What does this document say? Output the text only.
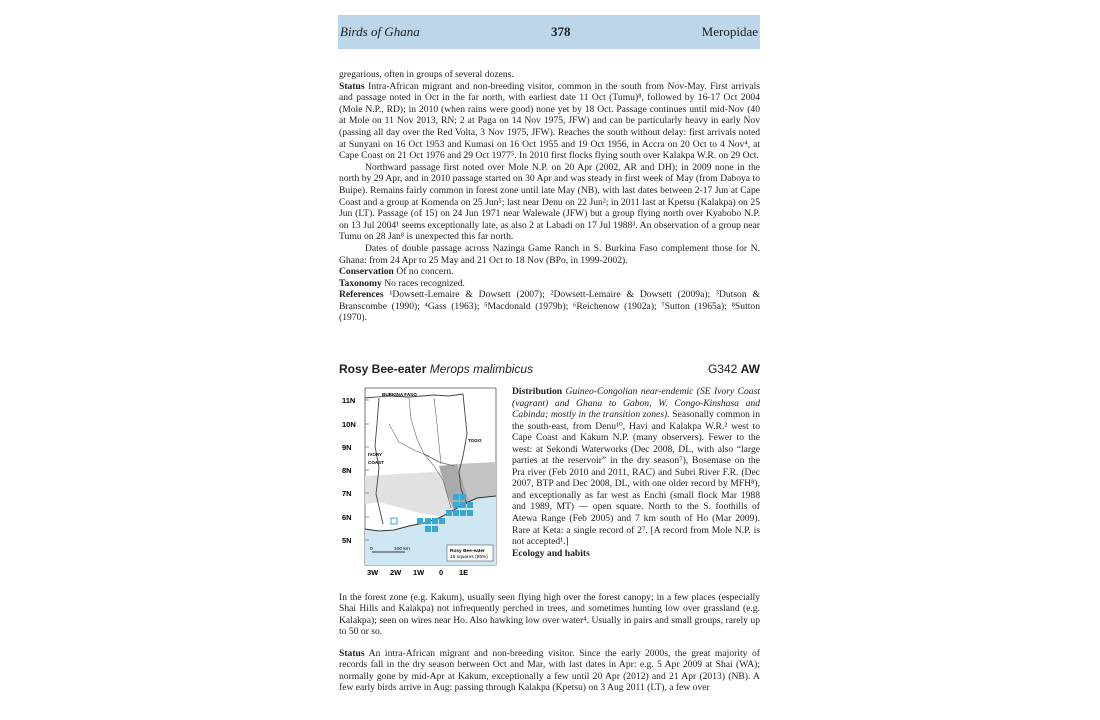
Birds of Ghana	378	Meropidae

gregarious, often in groups of several dozens.

Status Intra-African migrant and non-breeding visitor, common in the south from Nov-May. First arrivals and passage noted in Oct in the far north, with earliest date 11 Oct (Tumu)⁸, followed by 16-17 Oct 2004 (Mole N.P., RD); in 2010 (when rains were good) none yet by 18 Oct. Passage continues until mid-Nov (40 at Mole on 11 Nov 2013, RN; 2 at Paga on 14 Nov 1975, JFW) and can be particularly heavy in early Nov (passing all day over the Red Volta, 3 Nov 1975, JFW). Reaches the south without delay: first arrivals noted at Sunyani on 16 Oct 1953 and Kumasi on 16 Oct 1955 and 19 Oct 1956, in Accra on 20 Oct to 4 Nov⁴, at Cape Coast on 21 Oct 1976 and 29 Oct 1977⁵. In 2010 first flocks flying south over Kalakpa W.R. on 29 Oct.

Northward passage first noted over Mole N.P. on 20 Apr (2002, AR and DH); in 2009 none in the north by 29 Apr, and in 2010 passage started on 30 Apr and was steady in first week of May (from Daboya to Buipe). Remains fairly common in forest zone until late May (NB), with last dates between 2-17 Jun at Cape Coast and a group at Komenda on 25 Jun⁵; last near Denu on 22 Jun²; in 2011 last at Kpetsu (Kalakpa) on 25 Jun (LT). Passage (of 15) on 24 Jun 1971 near Walewale (JFW) but a group flying north over Kyabobo N.P. on 13 Jul 2004¹ seems exceptionally late, as also 2 at Labadi on 17 Jul 1988³. An observation of a group near Tumu on 28 Jan⁸ is unexpected this far north.

Dates of double passage across Nazinga Game Ranch in S. Burkina Faso complement those for N. Ghana: from 24 Apr to 25 May and 21 Oct to 18 Nov (BPo, in 1999-2002).

Conservation Of no concern.

Taxonomy No races recognized.

References ¹Dowsett-Lemaire & Dowsett (2007); ²Dowsett-Lemaire & Dowsett (2009a); ³Dutson & Branscombe (1990); ⁴Gass (1963); ⁵Macdonald (1979b); ⁶Reichenow (1902a); ⁷Sutton (1965a); ⁸Sutton (1970).

Rosy Bee-eater Merops malimbicus	G342 AW
11N
10N
9N
8N
7N
6N
5N
3W 2W 1W 0 1E
BURKINA FASO
TOGO
IVORY
COAST
0	100 km	Rosy Bee-eater
15 squares (95%)
Distribution Guineo-Congolian near-endemic (SE Ivory Coast (vagrant) and Ghana to Gabon, W. Congo-Kinshasa and Cabinda; mostly in the transition zones). Seasonally common in the south-east, from Denu¹⁰, Havi and Kalakpa W.R.² west to Cape Coast and Kakum N.P. (many observers). Fewer to the west: at Sekondi Waterworks (Dec 2008, DL, with also “large parties at the reservoir” in the dry season⁷), Bosemase on the Pra river (Feb 2010 and 2011, RAC) and Subri River F.R. (Dec 2007, BTP and Dec 2008, DL, with one older record by MFH⁸), and exceptionally as far west as Enchi (small flock Mar 1988 and 1989, MT) — open square. North to the S. foothills of Atewa Range (Feb 2005) and 7 km south of Ho (Mar 2009). Rare at Keta: a single record of 2⁷. [A record from Mole N.P. is not accepted¹.]
Ecology and habits

In the forest zone (e.g. Kakum), usually seen flying high over the forest canopy; in a few places (especially Shai Hills and Kalakpa) not infrequently perched in trees, and sometimes hunting low over grassland (e.g. Kalakpa); seen on wires near Ho. Also hawking low over water⁴. Usually in pairs and small groups, rarely up to 50 or so.

Status An intra-African migrant and non-breeding visitor. Since the early 2000s, the great majority of records fall in the dry season between Oct and Mar, with last dates in Apr: e.g. 5 Apr 2009 at Shai (WA); normally gone by mid-Apr at Kakum, exceptionally a few until 20 Apr (2012) and 21 Apr (2013) (NB). A few early birds arrive in Aug: passing through Kalakpa (Kpetsu) on 3 Aug 2011 (LT), a few over
